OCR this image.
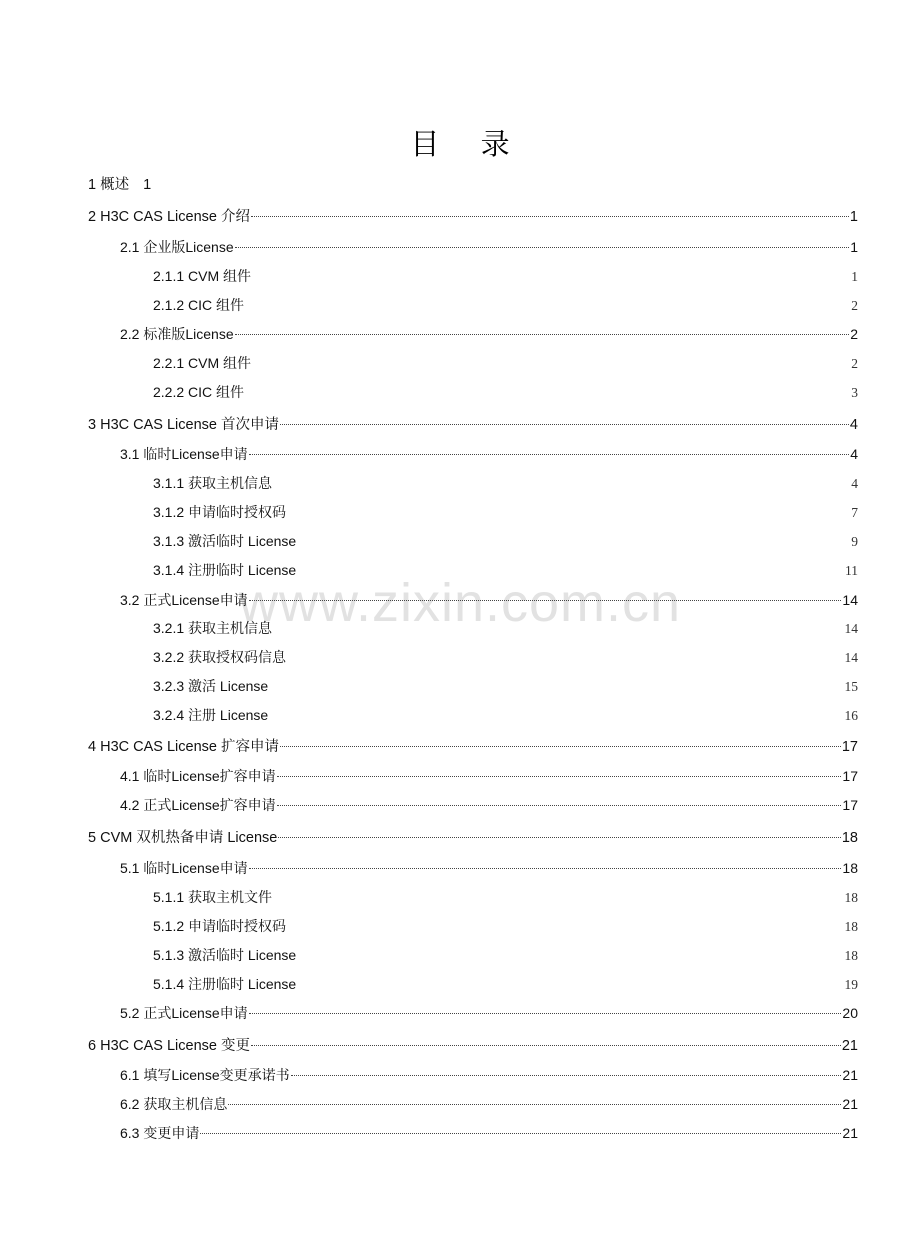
目 录
www.zixin.com.cn
1 概述 1
2 H3C CAS License 介绍	1
2.1 企业版License	1
2.1.1 CVM 组件	1
2.1.2 CIC 组件	2
2.2 标准版License	2
2.2.1 CVM 组件	2
2.2.2 CIC 组件	3
3 H3C CAS License 首次申请	4
3.1 临时License申请	4
3.1.1 获取主机信息	4
3.1.2 申请临时授权码	7
3.1.3 激活临时 License	9
3.1.4 注册临时 License	11
3.2 正式License申请	14
3.2.1 获取主机信息	14
3.2.2 获取授权码信息	14
3.2.3 激活 License	15
3.2.4 注册 License	16
4 H3C CAS License 扩容申请	17
4.1 临时License扩容申请	17
4.2 正式License扩容申请	17
5 CVM 双机热备申请 License	18
5.1 临时License申请	18
5.1.1 获取主机文件	18
5.1.2 申请临时授权码	18
5.1.3 激活临时 License	18
5.1.4 注册临时 License	19
5.2 正式License申请	20
6 H3C CAS License 变更	21
6.1 填写License变更承诺书	21
6.2 获取主机信息	21
6.3 变更申请	21
